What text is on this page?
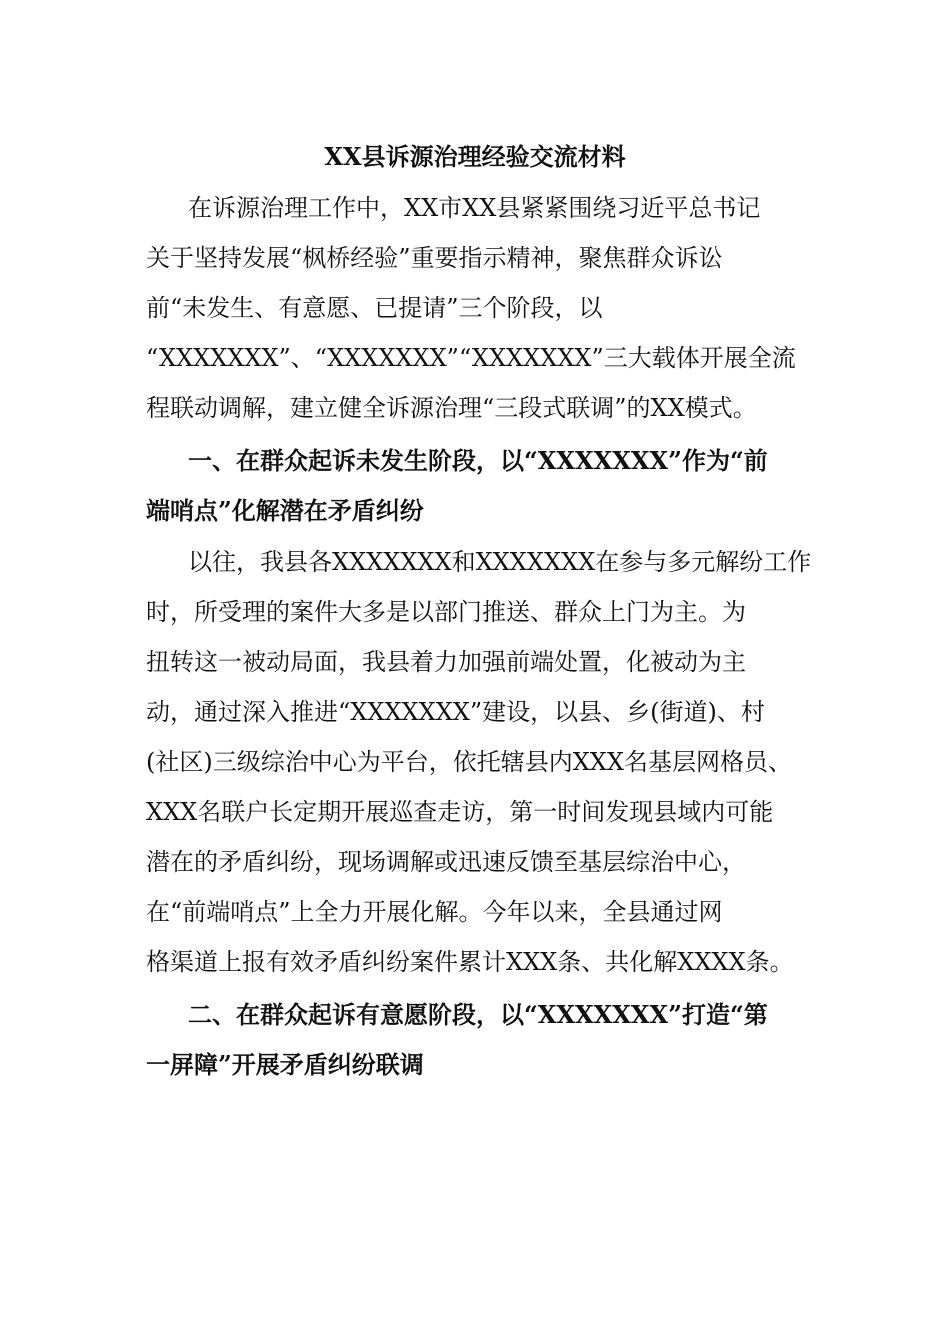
XX县诉源治理经验交流材料
在诉源治理工作中，XX市XX县紧紧围绕习近平总书记
关于坚持发展“枫桥经验”重要指示精神，聚焦群众诉讼
前“未发生、有意愿、已提请”三个阶段，以
“XXXXXXX”、“XXXXXXX”“XXXXXXX”三大载体开展全流
程联动调解，建立健全诉源治理“三段式联调”的XX模式。
一、在群众起诉未发生阶段，以“XXXXXXX”作为“前
端哨点”化解潜在矛盾纠纷
以往，我县各XXXXXXX和XXXXXXX在参与多元解纷工作
时，所受理的案件大多是以部门推送、群众上门为主。为
扭转这一被动局面，我县着力加强前端处置，化被动为主
动，通过深入推进“XXXXXXX”建设，以县、乡(街道)、村
(社区)三级综治中心为平台，依托辖县内XXX名基层网格员、
XXX名联户长定期开展巡查走访，第一时间发现县域内可能
潜在的矛盾纠纷，现场调解或迅速反馈至基层综治中心，
在“前端哨点”上全力开展化解。今年以来，全县通过网
格渠道上报有效矛盾纠纷案件累计XXX条、共化解XXXX条。
二、在群众起诉有意愿阶段，以“XXXXXXX”打造“第
一屏障”开展矛盾纠纷联调
